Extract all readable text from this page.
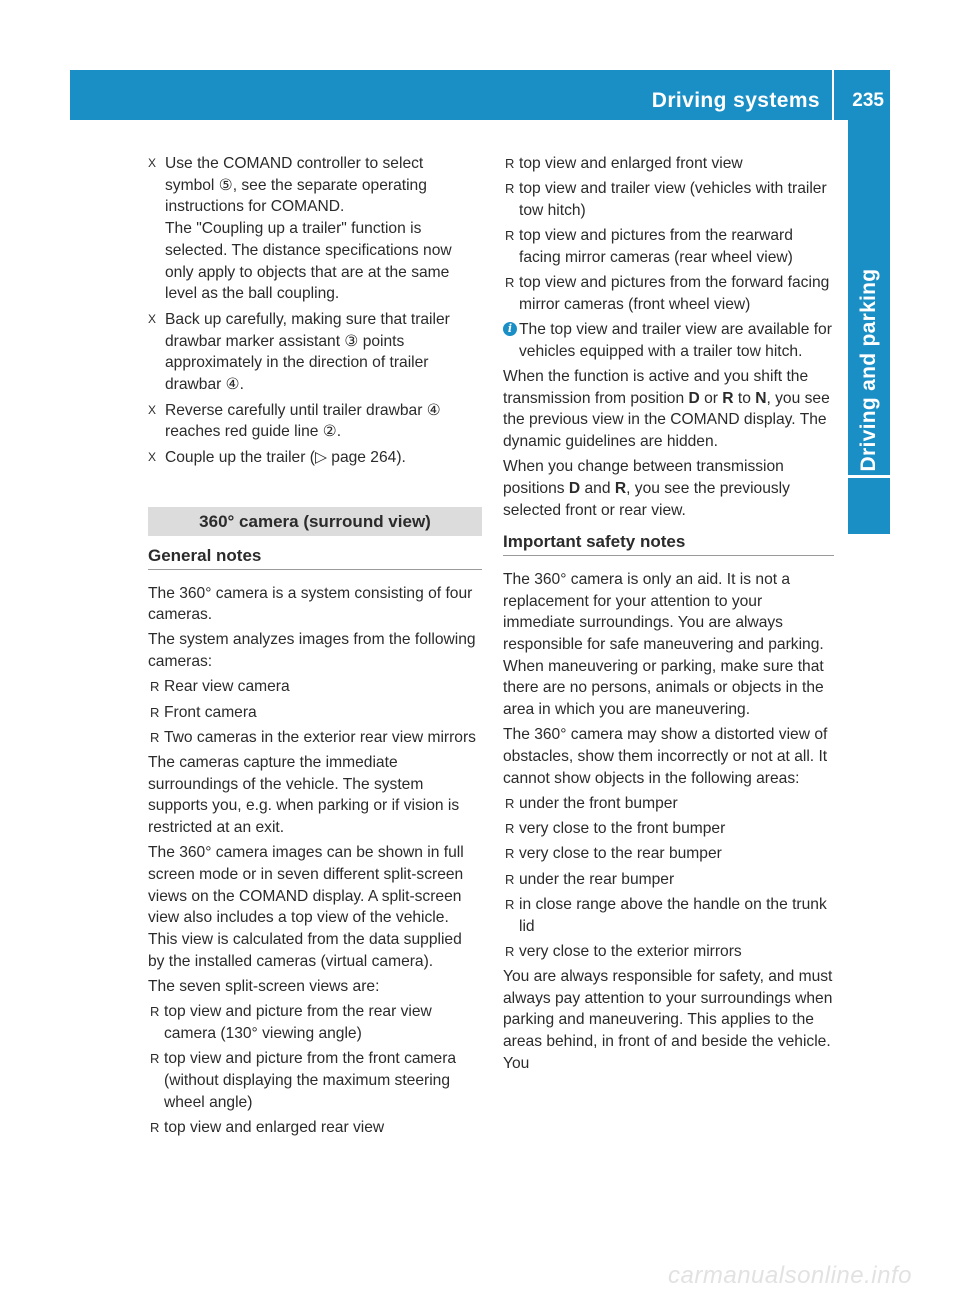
Driving systems 235
Driving and parking
X Use the COMAND controller to select
symbol ⑤, see the separate operating
instructions for COMAND.
The "Coupling up a trailer" function is selected. The distance specifications now only apply to objects that are at the same level as the ball coupling.
X Back up carefully, making sure that trailer
drawbar marker assistant ③ points
approximately in the direction of trailer
drawbar ④.
X Reverse carefully until trailer drawbar ④
reaches red guide line ②.
X Couple up the trailer (▷ page 264).
360° camera (surround view)
General notes

The 360° camera is a system consisting of four cameras.

The system analyzes images from the following cameras:

R Rear view camera
R Front camera
R Two cameras in the exterior rear view mirrors

The cameras capture the immediate surroundings of the vehicle. The system supports you, e.g. when parking or if vision is restricted at an exit.

The 360° camera images can be shown in full screen mode or in seven different split-screen views on the COMAND display. A split-screen view also includes a top view of the vehicle. This view is calculated from the data supplied by the installed cameras (virtual camera).

The seven split-screen views are:

R top view and picture from the rear view camera (130° viewing angle)
R top view and picture from the front camera (without displaying the maximum steering wheel angle)
R top view and enlarged rear view
R top view and enlarged front view
R top view and trailer view (vehicles with trailer tow hitch)
R top view and pictures from the rearward facing mirror cameras (rear wheel view)
R top view and pictures from the forward facing mirror cameras (front wheel view)
i The top view and trailer view are available for vehicles equipped with a trailer tow hitch.

When the function is active and you shift the transmission from position D or R to N, you see the previous view in the COMAND display. The dynamic guidelines are hidden.

When you change between transmission positions D and R, you see the previously selected front or rear view.

Important safety notes

The 360° camera is only an aid. It is not a replacement for your attention to your immediate surroundings. You are always responsible for safe maneuvering and parking. When maneuvering or parking, make sure that there are no persons, animals or objects in the area in which you are maneuvering.

The 360° camera may show a distorted view of obstacles, show them incorrectly or not at all. It cannot show objects in the following areas:

R under the front bumper
R very close to the front bumper
R very close to the rear bumper
R under the rear bumper
R in close range above the handle on the trunk lid
R very close to the exterior mirrors

You are always responsible for safety, and must always pay attention to your surroundings when parking and maneuvering. This applies to the areas behind, in front of and beside the vehicle. You

carmanualsonline.info
